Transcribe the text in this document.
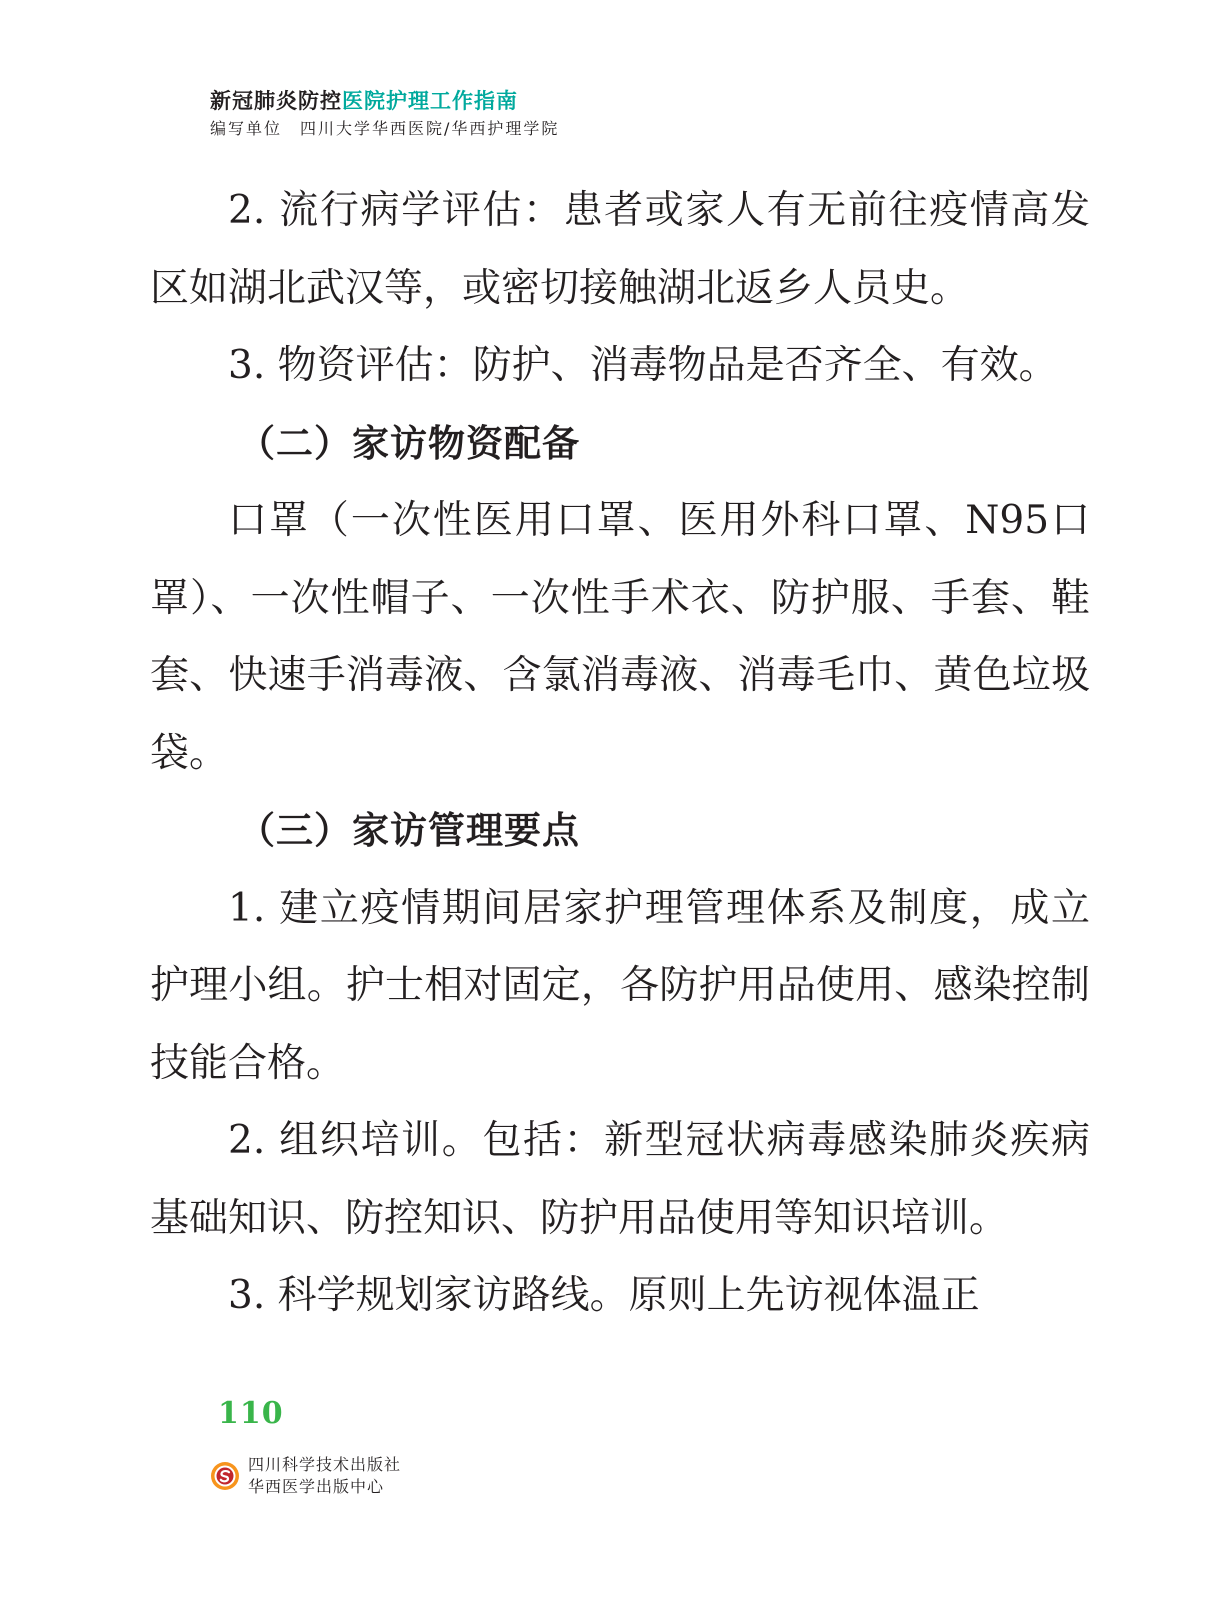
新冠肺炎防控医院护理工作指南
编写单位 四川大学华西医院/华西护理学院

2. 流行病学评估：患者或家人有无前往疫情高发区如湖北武汉等，或密切接触湖北返乡人员史。

3. 物资评估：防护、消毒物品是否齐全、有效。

（二）家访物资配备

口罩（一次性医用口罩、医用外科口罩、N95口罩）、一次性帽子、一次性手术衣、防护服、手套、鞋套、快速手消毒液、含氯消毒液、消毒毛巾、黄色垃圾袋。

（三）家访管理要点

1. 建立疫情期间居家护理管理体系及制度，成立护理小组。护士相对固定，各防护用品使用、感染控制技能合格。

2. 组织培训。包括：新型冠状病毒感染肺炎疾病基础知识、防控知识、防护用品使用等知识培训。

3. 科学规划家访路线。原则上先访视体温正

110
四川科学技术出版社
华西医学出版中心
